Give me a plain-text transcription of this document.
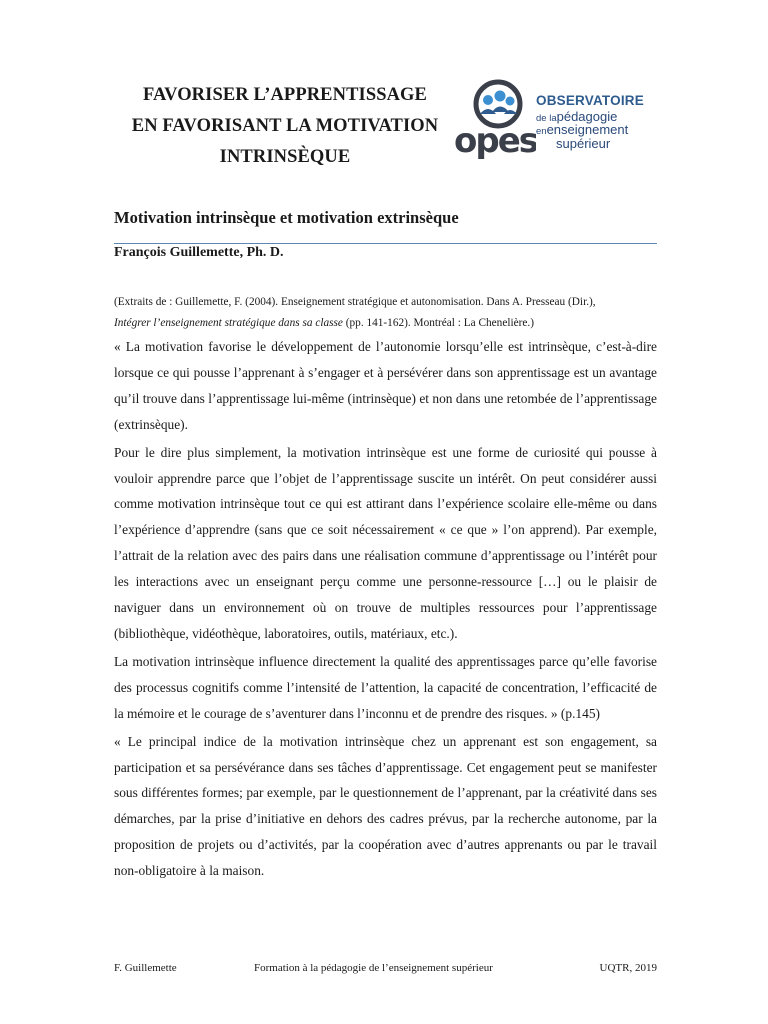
FAVORISER L’APPRENTISSAGE
EN FAVORISANT LA MOTIVATION
INTRINSÈQUE	opes
OBSERVATOIRE
de lapédagogie
enenseignement
supérieur
Motivation intrinsèque et motivation extrinsèque
François Guillemette, Ph. D.
(Extraits de : Guillemette, F. (2004). Enseignement stratégique et autonomisation. Dans A. Presseau (Dir.),
Intégrer l’enseignement stratégique dans sa classe (pp. 141-162). Montréal : La Chenelière.)

« La motivation favorise le développement de l’autonomie lorsqu’elle est intrinsèque, c’est-à-dire lorsque ce qui pousse l’apprenant à s’engager et à persévérer dans son apprentissage est un avantage qu’il trouve dans l’apprentissage lui-même (intrinsèque) et non dans une retombée de l’apprentissage (extrinsèque).

Pour le dire plus simplement, la motivation intrinsèque est une forme de curiosité qui pousse à vouloir apprendre parce que l’objet de l’apprentissage suscite un intérêt. On peut considérer aussi comme motivation intrinsèque tout ce qui est attirant dans l’expérience scolaire elle-même ou dans l’expérience d’apprendre (sans que ce soit nécessairement « ce que » l’on apprend). Par exemple, l’attrait de la relation avec des pairs dans une réalisation commune d’apprentissage ou l’intérêt pour les interactions avec un enseignant perçu comme une personne-ressource […] ou le plaisir de naviguer dans un environnement où on trouve de multiples ressources pour l’apprentissage (bibliothèque, vidéothèque, laboratoires, outils, matériaux, etc.).

La motivation intrinsèque influence directement la qualité des apprentissages parce qu’elle favorise des processus cognitifs comme l’intensité de l’attention, la capacité de concentration, l’efficacité de la mémoire et le courage de s’aventurer dans l’inconnu et de prendre des risques. » (p.145)

« Le principal indice de la motivation intrinsèque chez un apprenant est son engagement, sa participation et sa persévérance dans ses tâches d’apprentissage. Cet engagement peut se manifester sous différentes formes; par exemple, par le questionnement de l’apprenant, par la créativité dans ses démarches, par la prise d’initiative en dehors des cadres prévus, par la recherche autonome, par la proposition de projets ou d’activités, par la coopération avec d’autres apprenants ou par le travail non-obligatoire à la maison.

F. Guillemette	Formation à la pédagogie de l’enseignement supérieur	UQTR, 2019
